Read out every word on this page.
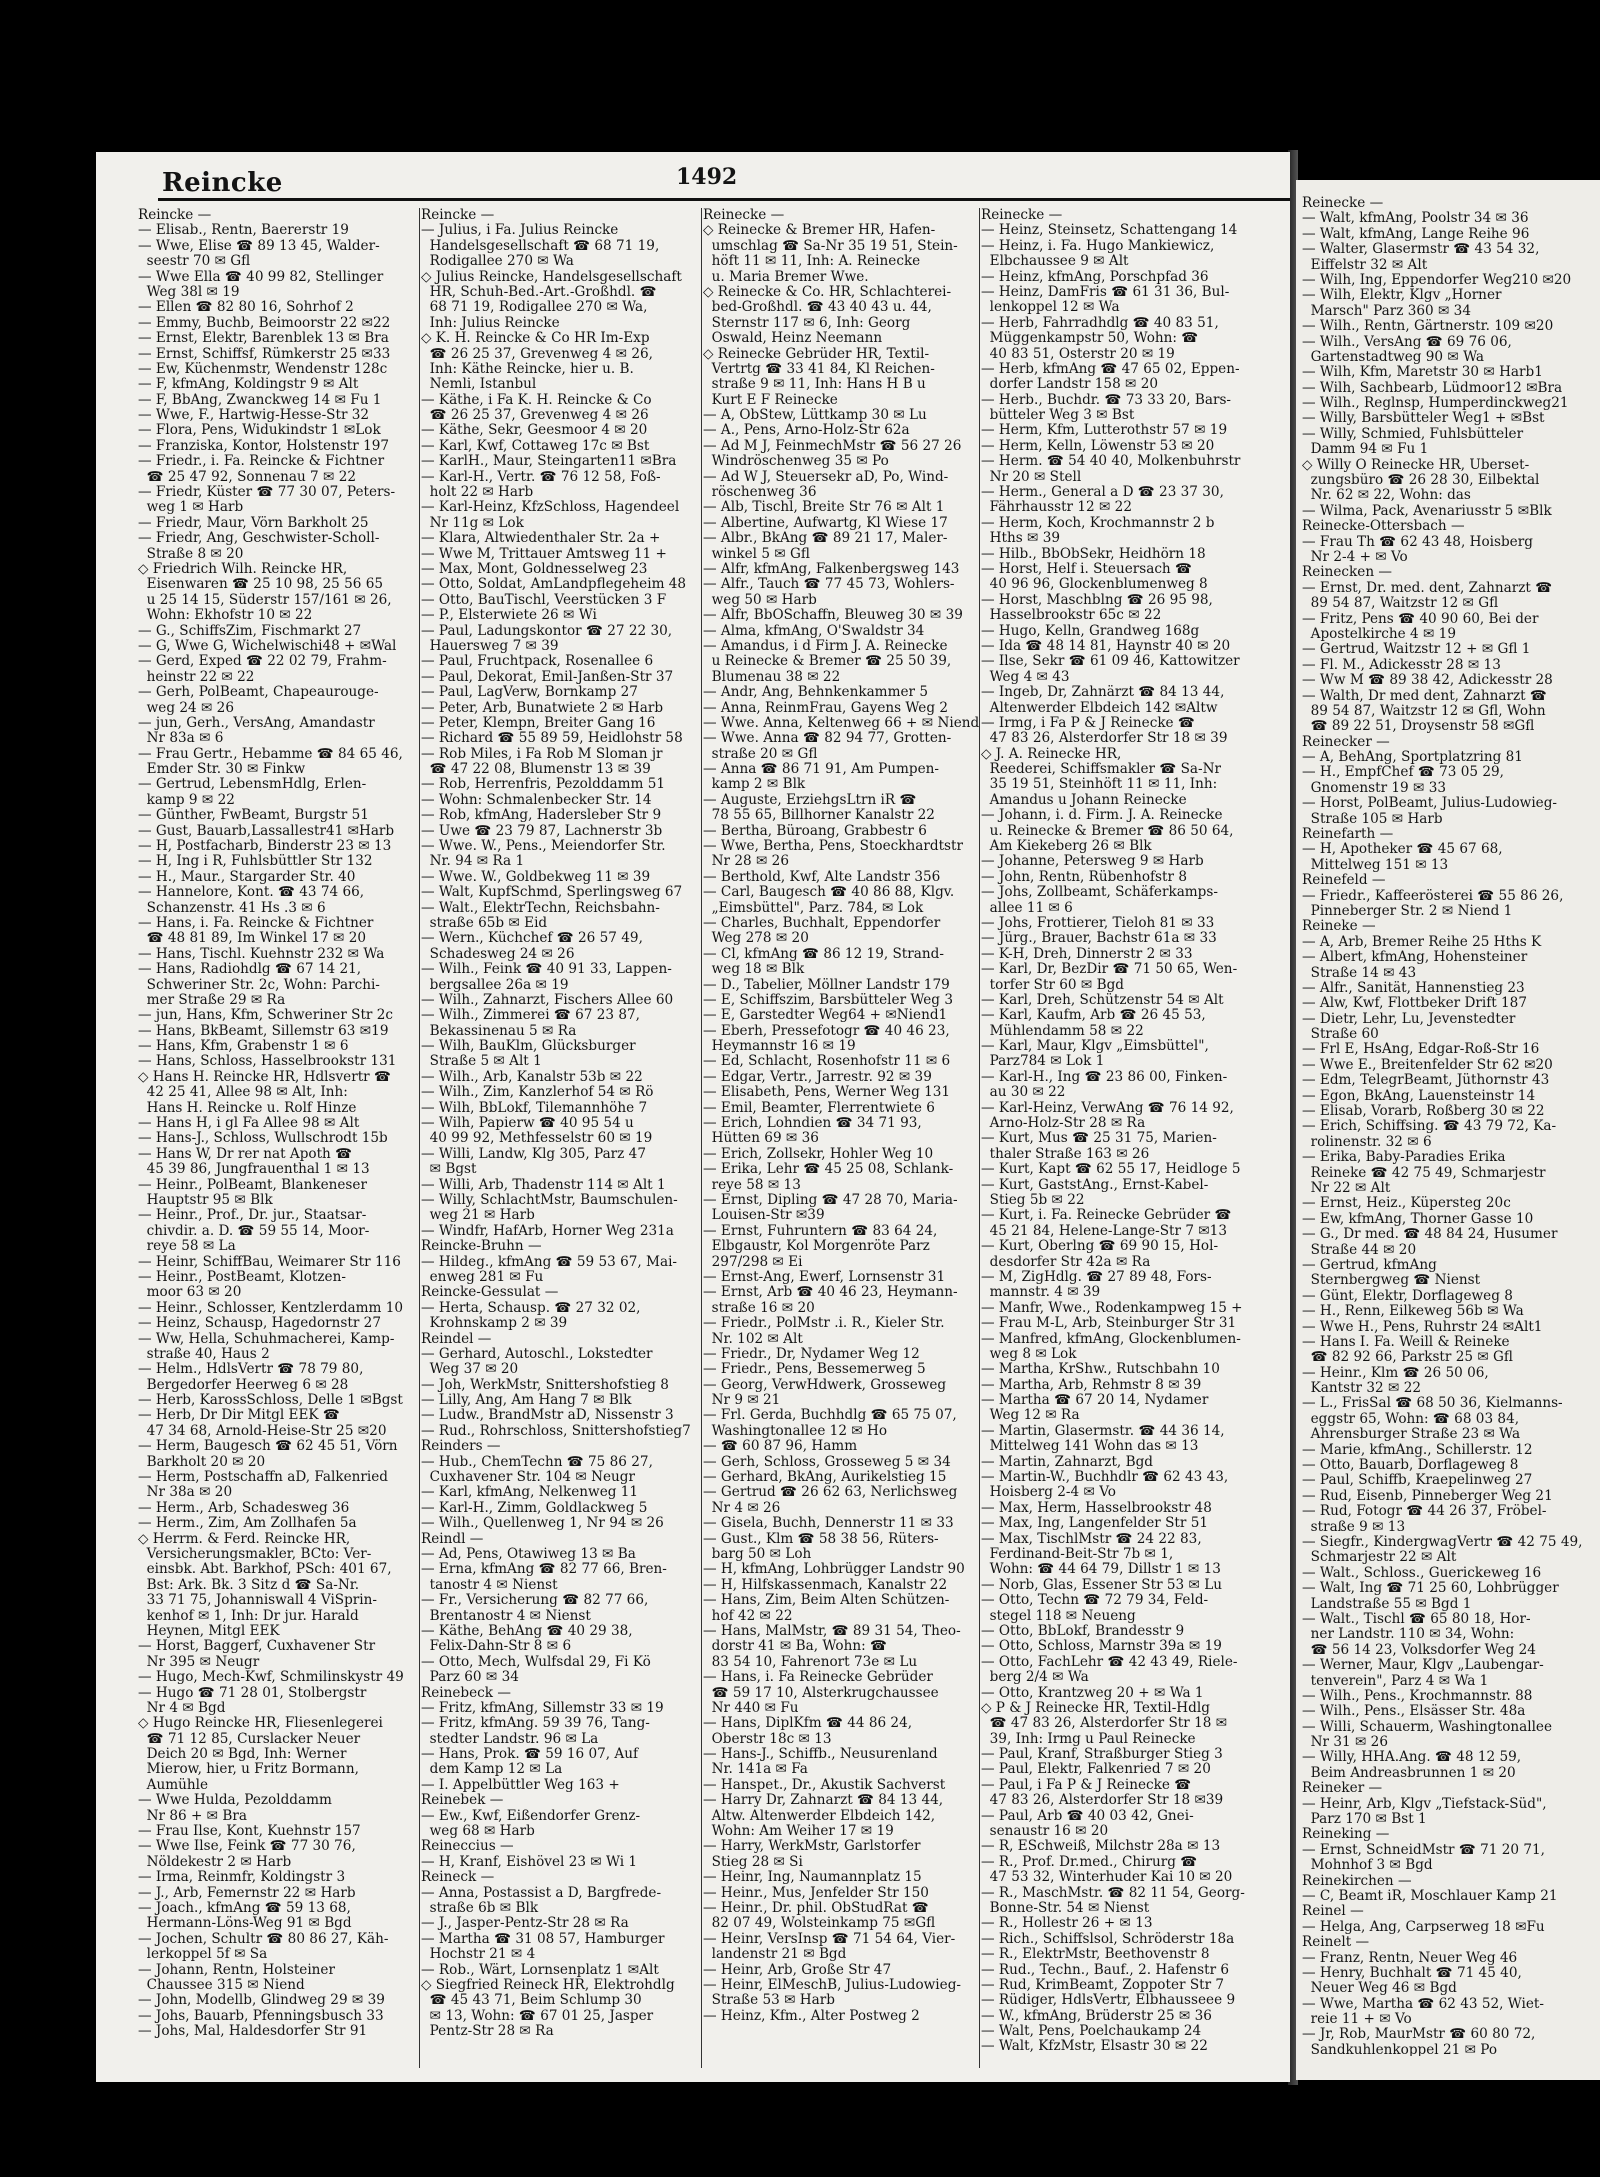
Reincke	1492
Reincke —
— Elisab., Rentn, Baererstr 19
— Wwe, Elise ☎ 89 13 45, Walder-
seestr 70 ✉ Gfl
— Wwe Ella ☎ 40 99 82, Stellinger
Weg 38l ✉ 19
— Ellen ☎ 82 80 16, Sohrhof 2
— Emmy, Buchb, Beimoorstr 22 ✉22
— Ernst, Elektr, Barenblek 13 ✉ Bra
— Ernst, Schiffsf, Rümkerstr 25 ✉33
— Ew, Küchenmstr, Wendenstr 128c
— F, kfmAng, Koldingstr 9 ✉ Alt
— F, BbAng, Zwanckweg 14 ✉ Fu 1
— Wwe, F., Hartwig-Hesse-Str 32
— Flora, Pens, Widukindstr 1 ✉Lok
— Franziska, Kontor, Holstenstr 197
— Friedr., i. Fa. Reincke & Fichtner
☎ 25 47 92, Sonnenau 7 ✉ 22
— Friedr, Küster ☎ 77 30 07, Peters-
weg 1 ✉ Harb
— Friedr, Maur, Vörn Barkholt 25
— Friedr, Ang, Geschwister-Scholl-
Straße 8 ✉ 20
◇ Friedrich Wilh. Reincke HR,
Eisenwaren ☎ 25 10 98, 25 56 65
u 25 14 15, Süderstr 157/161 ✉ 26,
Wohn: Ekhofstr 10 ✉ 22
— G., SchiffsZim, Fischmarkt 27
— G, Wwe G, Wichelwischi48 + ✉Wal
— Gerd, Exped ☎ 22 02 79, Frahm-
heinstr 22 ✉ 22
— Gerh, PolBeamt, Chapeaurouge-
weg 24 ✉ 26
— jun, Gerh., VersAng, Amandastr
Nr 83a ✉ 6
— Frau Gertr., Hebamme ☎ 84 65 46,
Emder Str. 30 ✉ Finkw
— Gertrud, LebensmHdlg, Erlen-
kamp 9 ✉ 22
— Günther, FwBeamt, Burgstr 51
— Gust, Bauarb,Lassallestr41 ✉Harb
— H, Postfacharb, Binderstr 23 ✉ 13
— H, Ing i R, Fuhlsbüttler Str 132
— H., Maur., Stargarder Str. 40
— Hannelore, Kont. ☎ 43 74 66,
Schanzenstr. 41 Hs .3 ✉ 6
— Hans, i. Fa. Reincke & Fichtner
☎ 48 81 89, Im Winkel 17 ✉ 20
— Hans, Tischl. Kuehnstr 232 ✉ Wa
— Hans, Radiohdlg ☎ 67 14 21,
Schweriner Str. 2c, Wohn: Parchi-
mer Straße 29 ✉ Ra
— jun, Hans, Kfm, Schweriner Str 2c
— Hans, BkBeamt, Sillemstr 63 ✉19
— Hans, Kfm, Grabenstr 1 ✉ 6
— Hans, Schloss, Hasselbrookstr 131
◇ Hans H. Reincke HR, Hdlsvertr ☎
42 25 41, Allee 98 ✉ Alt, Inh:
Hans H. Reincke u. Rolf Hinze
— Hans H, i gl Fa Allee 98 ✉ Alt
— Hans-J., Schloss, Wullschrodt 15b
— Hans W, Dr rer nat Apoth ☎
45 39 86, Jungfrauenthal 1 ✉ 13
— Heinr., PolBeamt, Blankeneser
Hauptstr 95 ✉ Blk
— Heinr., Prof., Dr. jur., Staatsar-
chivdir. a. D. ☎ 59 55 14, Moor-
reye 58 ✉ La
— Heinr, SchiffBau, Weimarer Str 116
— Heinr., PostBeamt, Klotzen-
moor 63 ✉ 20
— Heinr., Schlosser, Kentzlerdamm 10
— Heinz, Schausp, Hagedornstr 27
— Ww, Hella, Schuhmacherei, Kamp-
straße 40, Haus 2
— Helm., HdlsVertr ☎ 78 79 80,
Bergedorfer Heerweg 6 ✉ 28
— Herb, KarossSchloss, Delle 1 ✉Bgst
— Herb, Dr Dir Mitgl EEK ☎
47 34 68, Arnold-Heise-Str 25 ✉20
— Herm, Baugesch ☎ 62 45 51, Vörn
Barkholt 20 ✉ 20
— Herm, Postschaffn aD, Falkenried
Nr 38a ✉ 20
— Herm., Arb, Schadesweg 36
— Herm., Zim, Am Zollhafen 5a
◇ Herrm. & Ferd. Reincke HR,
Versicherungsmakler, BCto: Ver-
einsbk. Abt. Barkhof, PSch: 401 67,
Bst: Ark. Bk. 3 Sitz d ☎ Sa-Nr.
33 71 75, Johanniswall 4 ViSprin-
kenhof ✉ 1, Inh: Dr jur. Harald
Heynen, Mitgl EEK
— Horst, Baggerf, Cuxhavener Str
Nr 395 ✉ Neugr
— Hugo, Mech-Kwf, Schmilinskystr 49
— Hugo ☎ 71 28 01, Stolbergstr
Nr 4 ✉ Bgd
◇ Hugo Reincke HR, Fliesenlegerei
☎ 71 12 85, Curslacker Neuer
Deich 20 ✉ Bgd, Inh: Werner
Mierow, hier, u Fritz Bormann,
Aumühle
— Wwe Hulda, Pezolddamm
Nr 86 + ✉ Bra
— Frau Ilse, Kont, Kuehnstr 157
— Wwe Ilse, Feink ☎ 77 30 76,
Nöldekestr 2 ✉ Harb
— Irma, Reinmfr, Koldingstr 3
— J., Arb, Femernstr 22 ✉ Harb
— Joach., kfmAng ☎ 59 13 68,
Hermann-Löns-Weg 91 ✉ Bgd
— Jochen, Schultr ☎ 80 86 27, Käh-
lerkoppel 5f ✉ Sa
— Johann, Rentn, Holsteiner
Chaussee 315 ✉ Niend
— John, Modellb, Glindweg 29 ✉ 39
— Johs, Bauarb, Pfenningsbusch 33
— Johs, Mal, Haldesdorfer Str 91
Reincke —
— Julius, i Fa. Julius Reincke
Handelsgesellschaft ☎ 68 71 19,
Rodigallee 270 ✉ Wa
◇ Julius Reincke, Handelsgesellschaft
HR, Schuh-Bed.-Art.-Großhdl. ☎
68 71 19, Rodigallee 270 ✉ Wa,
Inh: Julius Reincke
◇ K. H. Reincke & Co HR Im-Exp
☎ 26 25 37, Grevenweg 4 ✉ 26,
Inh: Käthe Reincke, hier u. B.
Nemli, Istanbul
— Käthe, i Fa K. H. Reincke & Co
☎ 26 25 37, Grevenweg 4 ✉ 26
— Käthe, Sekr, Geesmoor 4 ✉ 20
— Karl, Kwf, Cottaweg 17c ✉ Bst
— KarlH., Maur, Steingarten11 ✉Bra
— Karl-H., Vertr. ☎ 76 12 58, Foß-
holt 22 ✉ Harb
— Karl-Heinz, KfzSchloss, Hagendeel
Nr 11g ✉ Lok
— Klara, Altwiedenthaler Str. 2a +
— Wwe M, Trittauer Amtsweg 11 +
— Max, Mont, Goldnesselweg 23
— Otto, Soldat, AmLandpflegeheim 48
— Otto, BauTischl, Veerstücken 3 F
— P., Elsterwiete 26 ✉ Wi
— Paul, Ladungskontor ☎ 27 22 30,
Hauersweg 7 ✉ 39
— Paul, Fruchtpack, Rosenallee 6
— Paul, Dekorat, Emil-Janßen-Str 37
— Paul, LagVerw, Bornkamp 27
— Peter, Arb, Bunatwiete 2 ✉ Harb
— Peter, Klempn, Breiter Gang 16
— Richard ☎ 55 89 59, Heidlohstr 58
— Rob Miles, i Fa Rob M Sloman jr
☎ 47 22 08, Blumenstr 13 ✉ 39
— Rob, Herrenfris, Pezolddamm 51
— Wohn: Schmalenbecker Str. 14
— Rob, kfmAng, Hadersleber Str 9
— Uwe ☎ 23 79 87, Lachnerstr 3b
— Wwe. W., Pens., Meiendorfer Str.
Nr. 94 ✉ Ra 1
— Wwe. W., Goldbekweg 11 ✉ 39
— Walt, KupfSchmd, Sperlingsweg 67
— Walt., ElektrTechn, Reichsbahn-
straße 65b ✉ Eid
— Wern., Küchchef ☎ 26 57 49,
Schadesweg 24 ✉ 26
— Wilh., Feink ☎ 40 91 33, Lappen-
bergsallee 26a ✉ 19
— Wilh., Zahnarzt, Fischers Allee 60
— Wilh., Zimmerei ☎ 67 23 87,
Bekassinenau 5 ✉ Ra
— Wilh, BauKlm, Glücksburger
Straße 5 ✉ Alt 1
— Wilh., Arb, Kanalstr 53b ✉ 22
— Wilh., Zim, Kanzlerhof 54 ✉ Rö
— Wilh, BbLokf, Tilemannhöhe 7
— Wilh, Papierw ☎ 40 95 54 u
40 99 92, Methfesselstr 60 ✉ 19
— Willi, Landw, Klg 305, Parz 47
✉ Bgst
— Willi, Arb, Thadenstr 114 ✉ Alt 1
— Willy, SchlachtMstr, Baumschulen-
weg 21 ✉ Harb
— Windfr, HafArb, Horner Weg 231a
Reincke-Bruhn —
— Hildeg., kfmAng ☎ 59 53 67, Mai-
enweg 281 ✉ Fu
Reincke-Gessulat —
— Herta, Schausp. ☎ 27 32 02,
Krohnskamp 2 ✉ 39
Reindel —
— Gerhard, Autoschl., Lokstedter
Weg 37 ✉ 20
— Joh, WerkMstr, Snittershofstieg 8
— Lilly, Ang, Am Hang 7 ✉ Blk
— Ludw., BrandMstr aD, Nissenstr 3
— Rud., Rohrschloss, Snittershofstieg7
Reinders —
— Hub., ChemTechn ☎ 75 86 27,
Cuxhavener Str. 104 ✉ Neugr
— Karl, kfmAng, Nelkenweg 11
— Karl-H., Zimm, Goldlackweg 5
— Wilh., Quellenweg 1, Nr 94 ✉ 26
Reindl —
— Ad, Pens, Otawiweg 13 ✉ Ba
— Erna, kfmAng ☎ 82 77 66, Bren-
tanostr 4 ✉ Nienst
— Fr., Versicherung ☎ 82 77 66,
Brentanostr 4 ✉ Nienst
— Käthe, BehAng ☎ 40 29 38,
Felix-Dahn-Str 8 ✉ 6
— Otto, Mech, Wulfsdal 29, Fi Kö
Parz 60 ✉ 34
Reinebeck —
— Fritz, kfmAng, Sillemstr 33 ✉ 19
— Fritz, kfmAng. 59 39 76, Tang-
stedter Landstr. 96 ✉ La
— Hans, Prok. ☎ 59 16 07, Auf
dem Kamp 12 ✉ La
— I. Appelbüttler Weg 163 +
Reinebek —
— Ew., Kwf, Eißendorfer Grenz-
weg 68 ✉ Harb
Reineccius —
— H, Kranf, Eishövel 23 ✉ Wi 1
Reineck —
— Anna, Postassist a D, Bargfrede-
straße 6b ✉ Blk
— J., Jasper-Pentz-Str 28 ✉ Ra
— Martha ☎ 31 08 57, Hamburger
Hochstr 21 ✉ 4
— Rob., Wärt, Lornsenplatz 1 ✉Alt
◇ Siegfried Reineck HR, Elektrohdlg
☎ 45 43 71, Beim Schlump 30
✉ 13, Wohn: ☎ 67 01 25, Jasper
Pentz-Str 28 ✉ Ra
Reinecke —
◇ Reinecke & Bremer HR, Hafen-
umschlag ☎ Sa-Nr 35 19 51, Stein-
höft 11 ✉ 11, Inh: A. Reinecke
u. Maria Bremer Wwe.
◇ Reinecke & Co. HR, Schlachterei-
bed-Großhdl. ☎ 43 40 43 u. 44,
Sternstr 117 ✉ 6, Inh: Georg
Oswald, Heinz Neemann
◇ Reinecke Gebrüder HR, Textil-
Vertrtg ☎ 33 41 84, Kl Reichen-
straße 9 ✉ 11, Inh: Hans H B u
Kurt E F Reinecke
— A, ObStew, Lüttkamp 30 ✉ Lu
— A., Pens, Arno-Holz-Str 62a
— Ad M J, FeinmechMstr ☎ 56 27 26
Windröschenweg 35 ✉ Po
— Ad W J, Steuersekr aD, Po, Wind-
röschenweg 36
— Alb, Tischl, Breite Str 76 ✉ Alt 1
— Albertine, Aufwartg, Kl Wiese 17
— Albr., BkAng ☎ 89 21 17, Maler-
winkel 5 ✉ Gfl
— Alfr, kfmAng, Falkenbergsweg 143
— Alfr., Tauch ☎ 77 45 73, Wohlers-
weg 50 ✉ Harb
— Alfr, BbOSchaffn, Bleuweg 30 ✉ 39
— Alma, kfmAng, O'Swaldstr 34
— Amandus, i d Firm J. A. Reinecke
u Reinecke & Bremer ☎ 25 50 39,
Blumenau 38 ✉ 22
— Andr, Ang, Behnkenkammer 5
— Anna, ReinmFrau, Gayens Weg 2
— Wwe. Anna, Keltenweg 66 + ✉ Niend
— Wwe. Anna ☎ 82 94 77, Grotten-
straße 20 ✉ Gfl
— Anna ☎ 86 71 91, Am Pumpen-
kamp 2 ✉ Blk
— Auguste, ErziehgsLtrn iR ☎
78 55 65, Billhorner Kanalstr 22
— Bertha, Büroang, Grabbestr 6
— Wwe, Bertha, Pens, Stoeckhardtstr
Nr 28 ✉ 26
— Berthold, Kwf, Alte Landstr 356
— Carl, Baugesch ☎ 40 86 88, Klgv.
„Eimsbüttel", Parz. 784, ✉ Lok
— Charles, Buchhalt, Eppendorfer
Weg 278 ✉ 20
— Cl, kfmAng ☎ 86 12 19, Strand-
weg 18 ✉ Blk
— D., Tabelier, Möllner Landstr 179
— E, Schiffszim, Barsbütteler Weg 3
— E, Garstedter Weg64 + ✉Niend1
— Eberh, Pressefotogr ☎ 40 46 23,
Heymannstr 16 ✉ 19
— Ed, Schlacht, Rosenhofstr 11 ✉ 6
— Edgar, Vertr., Jarrestr. 92 ✉ 39
— Elisabeth, Pens, Werner Weg 131
— Emil, Beamter, Flerrentwiete 6
— Erich, Lohndien ☎ 34 71 93,
Hütten 69 ✉ 36
— Erich, Zollsekr, Hohler Weg 10
— Erika, Lehr ☎ 45 25 08, Schlank-
reye 58 ✉ 13
— Ernst, Dipling ☎ 47 28 70, Maria-
Louisen-Str ✉39
— Ernst, Fuhruntern ☎ 83 64 24,
Elbgaustr, Kol Morgenröte Parz
297/298 ✉ Ei
— Ernst-Ang, Ewerf, Lornsenstr 31
— Ernst, Arb ☎ 40 46 23, Heymann-
straße 16 ✉ 20
— Friedr., PolMstr .i. R., Kieler Str.
Nr. 102 ✉ Alt
— Friedr., Dr, Nydamer Weg 12
— Friedr., Pens, Bessemerweg 5
— Georg, VerwHdwerk, Grosseweg
Nr 9 ✉ 21
— Frl. Gerda, Buchhdlg ☎ 65 75 07,
Washingtonallee 12 ✉ Ho
— ☎ 60 87 96, Hamm
— Gerh, Schloss, Grosseweg 5 ✉ 34
— Gerhard, BkAng, Aurikelstieg 15
— Gertrud ☎ 26 62 63, Nerlichsweg
Nr 4 ✉ 26
— Gisela, Buchh, Dennerstr 11 ✉ 33
— Gust., Klm ☎ 58 38 56, Rüters-
barg 50 ✉ Loh
— H, kfmAng, Lohbrügger Landstr 90
— H, Hilfskassenmach, Kanalstr 22
— Hans, Zim, Beim Alten Schützen-
hof 42 ✉ 22
— Hans, MalMstr, ☎ 89 31 54, Theo-
dorstr 41 ✉ Ba, Wohn: ☎
83 54 10, Fahrenort 73e ✉ Lu
— Hans, i. Fa Reinecke Gebrüder
☎ 59 17 10, Alsterkrugchaussee
Nr 440 ✉ Fu
— Hans, DiplKfm ☎ 44 86 24,
Oberstr 18c ✉ 13
— Hans-J., Schiffb., Neusurenland
Nr. 141a ✉ Fa
— Hanspet., Dr., Akustik Sachverst
— Harry Dr, Zahnarzt ☎ 84 13 44,
Altw. Altenwerder Elbdeich 142,
Wohn: Am Weiher 17 ✉ 19
— Harry, WerkMstr, Garlstorfer
Stieg 28 ✉ Si
— Heinr, Ing, Naumannplatz 15
— Heinr., Mus, Jenfelder Str 150
— Heinr., Dr. phil. ObStudRat ☎
82 07 49, Wolsteinkamp 75 ✉Gfl
— Heinr, VersInsp ☎ 71 54 64, Vier-
landenstr 21 ✉ Bgd
— Heinr, Arb, Große Str 47
— Heinr, ElMeschB, Julius-Ludowieg-
Straße 53 ✉ Harb
— Heinz, Kfm., Alter Postweg 2
Reinecke —
— Heinz, Steinsetz, Schattengang 14
— Heinz, i. Fa. Hugo Mankiewicz,
Elbchaussee 9 ✉ Alt
— Heinz, kfmAng, Porschpfad 36
— Heinz, DamFris ☎ 61 31 36, Bul-
lenkoppel 12 ✉ Wa
— Herb, Fahrradhdlg ☎ 40 83 51,
Müggenkampstr 50, Wohn: ☎
40 83 51, Osterstr 20 ✉ 19
— Herb, kfmAng ☎ 47 65 02, Eppen-
dorfer Landstr 158 ✉ 20
— Herb., Buchdr. ☎ 73 33 20, Bars-
bütteler Weg 3 ✉ Bst
— Herm, Kfm, Lutterothstr 57 ✉ 19
— Herm, Kelln, Löwenstr 53 ✉ 20
— Herm. ☎ 54 40 40, Molkenbuhrstr
Nr 20 ✉ Stell
— Herm., General a D ☎ 23 37 30,
Fährhausstr 12 ✉ 22
— Herm, Koch, Krochmannstr 2 b
Hths ✉ 39
— Hilb., BbObSekr, Heidhörn 18
— Horst, Helf i. Steuersach ☎
40 96 96, Glockenblumenweg 8
— Horst, Maschblng ☎ 26 95 98,
Hasselbrookstr 65c ✉ 22
— Hugo, Kelln, Grandweg 168g
— Ida ☎ 48 14 81, Haynstr 40 ✉ 20
— Ilse, Sekr ☎ 61 09 46, Kattowitzer
Weg 4 ✉ 43
— Ingeb, Dr, Zahnärzt ☎ 84 13 44,
Altenwerder Elbdeich 142 ✉Altw
— Irmg, i Fa P & J Reinecke ☎
47 83 26, Alsterdorfer Str 18 ✉ 39
◇ J. A. Reinecke HR,
Reederei, Schiffsmakler ☎ Sa-Nr
35 19 51, Steinhöft 11 ✉ 11, Inh:
Amandus u Johann Reinecke
— Johann, i. d. Firm. J. A. Reinecke
u. Reinecke & Bremer ☎ 86 50 64,
Am Kiekeberg 26 ✉ Blk
— Johanne, Petersweg 9 ✉ Harb
— John, Rentn, Rübenhofstr 8
— Johs, Zollbeamt, Schäferkamps-
allee 11 ✉ 6
— Johs, Frottierer, Tieloh 81 ✉ 33
— Jürg., Brauer, Bachstr 61a ✉ 33
— K-H, Dreh, Dinnerstr 2 ✉ 33
— Karl, Dr, BezDir ☎ 71 50 65, Wen-
torfer Str 60 ✉ Bgd
— Karl, Dreh, Schützenstr 54 ✉ Alt
— Karl, Kaufm, Arb ☎ 26 45 53,
Mühlendamm 58 ✉ 22
— Karl, Maur, Klgv „Eimsbüttel",
Parz784 ✉ Lok 1
— Karl-H., Ing ☎ 23 86 00, Finken-
au 30 ✉ 22
— Karl-Heinz, VerwAng ☎ 76 14 92,
Arno-Holz-Str 28 ✉ Ra
— Kurt, Mus ☎ 25 31 75, Marien-
thaler Straße 163 ✉ 26
— Kurt, Kapt ☎ 62 55 17, Heidloge 5
— Kurt, GaststAng., Ernst-Kabel-
Stieg 5b ✉ 22
— Kurt, i. Fa. Reinecke Gebrüder ☎
45 21 84, Helene-Lange-Str 7 ✉13
— Kurt, Oberlng ☎ 69 90 15, Hol-
desdorfer Str 42a ✉ Ra
— M, ZigHdlg. ☎ 27 89 48, Fors-
mannstr. 4 ✉ 39
— Manfr, Wwe., Rodenkampweg 15 +
— Frau M-L, Arb, Steinburger Str 31
— Manfred, kfmAng, Glockenblumen-
weg 8 ✉ Lok
— Martha, KrShw., Rutschbahn 10
— Martha, Arb, Rehmstr 8 ✉ 39
— Martha ☎ 67 20 14, Nydamer
Weg 12 ✉ Ra
— Martin, Glasermstr. ☎ 44 36 14,
Mittelweg 141 Wohn das ✉ 13
— Martin, Zahnarzt, Bgd
— Martin-W., Buchhdlr ☎ 62 43 43,
Hoisberg 2-4 ✉ Vo
— Max, Herm, Hasselbrookstr 48
— Max, Ing, Langenfelder Str 51
— Max, TischlMstr ☎ 24 22 83,
Ferdinand-Beit-Str 7b ✉ 1,
Wohn: ☎ 44 64 79, Dillstr 1 ✉ 13
— Norb, Glas, Essener Str 53 ✉ Lu
— Otto, Techn ☎ 72 79 34, Feld-
stegel 118 ✉ Neueng
— Otto, BbLokf, Brandesstr 9
— Otto, Schloss, Marnstr 39a ✉ 19
— Otto, FachLehr ☎ 42 43 49, Riele-
berg 2/4 ✉ Wa
— Otto, Krantzweg 20 + ✉ Wa 1
◇ P & J Reinecke HR, Textil-Hdlg
☎ 47 83 26, Alsterdorfer Str 18 ✉
39, Inh: Irmg u Paul Reinecke
— Paul, Kranf, Straßburger Stieg 3
— Paul, Elektr, Falkenried 7 ✉ 20
— Paul, i Fa P & J Reinecke ☎
47 83 26, Alsterdorfer Str 18 ✉39
— Paul, Arb ☎ 40 03 42, Gnei-
senaustr 16 ✉ 20
— R, ESchweiß, Milchstr 28a ✉ 13
— R., Prof. Dr.med., Chirurg ☎
47 53 32, Winterhuder Kai 10 ✉ 20
— R., MaschMstr. ☎ 82 11 54, Georg-
Bonne-Str. 54 ✉ Nienst
— R., Hollestr 26 + ✉ 13
— Rich., Schiffslsol, Schröderstr 18a
— R., ElektrMstr, Beethovenstr 8
— Rud., Techn., Bauf., 2. Hafenstr 6
— Rud, KrimBeamt, Zoppoter Str 7
— Rüdiger, HdlsVertr, Elbhausseee 9
— W., kfmAng, Brüderstr 25 ✉ 36
— Walt, Pens, Poelchaukamp 24
— Walt, KfzMstr, Elsastr 30 ✉ 22
Reinecke —
— Walt, kfmAng, Poolstr 34 ✉ 36
— Walt, kfmAng, Lange Reihe 96
— Walter, Glasermstr ☎ 43 54 32,
Eiffelstr 32 ✉ Alt
— Wilh, Ing, Eppendorfer Weg210 ✉20
— Wilh, Elektr, Klgv „Horner
Marsch" Parz 360 ✉ 34
— Wilh., Rentn, Gärtnerstr. 109 ✉20
— Wilh., VersAng ☎ 69 76 06,
Gartenstadtweg 90 ✉ Wa
— Wilh, Kfm, Maretstr 30 ✉ Harb1
— Wilh, Sachbearb, Lüdmoor12 ✉Bra
— Wilh., Reglnsp, Humperdinckweg21
— Willy, Barsbütteler Weg1 + ✉Bst
— Willy, Schmied, Fuhlsbütteler
Damm 94 ✉ Fu 1
◇ Willy O Reinecke HR, Überset-
zungsbüro ☎ 26 28 30, Eilbektal
Nr. 62 ✉ 22, Wohn: das
— Wilma, Pack, Avenariusstr 5 ✉Blk
Reinecke-Ottersbach —
— Frau Th ☎ 62 43 48, Hoisberg
Nr 2-4 + ✉ Vo
Reinecken —
— Ernst, Dr. med. dent, Zahnarzt ☎
89 54 87, Waitzstr 12 ✉ Gfl
— Fritz, Pens ☎ 40 90 60, Bei der
Apostelkirche 4 ✉ 19
— Gertrud, Waitzstr 12 + ✉ Gfl 1
— Fl. M., Adickesstr 28 ✉ 13
— Ww M ☎ 89 38 42, Adickesstr 28
— Walth, Dr med dent, Zahnarzt ☎
89 54 87, Waitzstr 12 ✉ Gfl, Wohn
☎ 89 22 51, Droysenstr 58 ✉Gfl
Reinecker —
— A, BehAng, Sportplatzring 81
— H., EmpfChef ☎ 73 05 29,
Gnomenstr 19 ✉ 33
— Horst, PolBeamt, Julius-Ludowieg-
Straße 105 ✉ Harb
Reinefarth —
— H, Apotheker ☎ 45 67 68,
Mittelweg 151 ✉ 13
Reinefeld —
— Friedr., Kaffeerösterei ☎ 55 86 26,
Pinneberger Str. 2 ✉ Niend 1
Reineke —
— A, Arb, Bremer Reihe 25 Hths K
— Albert, kfmAng, Hohensteiner
Straße 14 ✉ 43
— Alfr., Sanität, Hannenstieg 23
— Alw, Kwf, Flottbeker Drift 187
— Dietr, Lehr, Lu, Jevenstedter
Straße 60
— Frl E, HsAng, Edgar-Roß-Str 16
— Wwe E., Breitenfelder Str 62 ✉20
— Edm, TelegrBeamt, Jüthornstr 43
— Egon, BkAng, Lauensteinstr 14
— Elisab, Vorarb, Roßberg 30 ✉ 22
— Erich, Schiffsing. ☎ 43 79 72, Ka-
rolinenstr. 32 ✉ 6
— Erika, Baby-Paradies Erika
Reineke ☎ 42 75 49, Schmarjestr
Nr 22 ✉ Alt
— Ernst, Heiz., Küpersteg 20c
— Ew, kfmAng, Thorner Gasse 10
— G., Dr med. ☎ 48 84 24, Husumer
Straße 44 ✉ 20
— Gertrud, kfmAng
Sternbergweg ☎ Nienst
— Günt, Elektr, Dorflageweg 8
— H., Renn, Eilkeweg 56b ✉ Wa
— Wwe H., Pens, Ruhrstr 24 ✉Alt1
— Hans I. Fa. Weill & Reineke
☎ 82 92 66, Parkstr 25 ✉ Gfl
— Heinr., Klm ☎ 26 50 06,
Kantstr 32 ✉ 22
— L., FrisSal ☎ 68 50 36, Kielmanns-
eggstr 65, Wohn: ☎ 68 03 84,
Ahrensburger Straße 23 ✉ Wa
— Marie, kfmAng., Schillerstr. 12
— Otto, Bauarb, Dorflageweg 8
— Paul, Schiffb, Kraepelinweg 27
— Rud, Eisenb, Pinneberger Weg 21
— Rud, Fotogr ☎ 44 26 37, Fröbel-
straße 9 ✉ 13
— Siegfr., KindergwagVertr ☎ 42 75 49,
Schmarjestr 22 ✉ Alt
— Walt., Schloss., Guerickeweg 16
— Walt, Ing ☎ 71 25 60, Lohbrügger
Landstraße 55 ✉ Bgd 1
— Walt., Tischl ☎ 65 80 18, Hor-
ner Landstr. 110 ✉ 34, Wohn:
☎ 56 14 23, Volksdorfer Weg 24
— Werner, Maur, Klgv „Laubengar-
tenverein", Parz 4 ✉ Wa 1
— Wilh., Pens., Krochmannstr. 88
— Wilh., Pens., Elsässer Str. 48a
— Willi, Schauerm, Washingtonallee
Nr 31 ✉ 26
— Willy, HHA.Ang. ☎ 48 12 59,
Beim Andreasbrunnen 1 ✉ 20
Reineker —
— Heinr, Arb, Klgv „Tiefstack-Süd",
Parz 170 ✉ Bst 1
Reineking —
— Ernst, SchneidMstr ☎ 71 20 71,
Mohnhof 3 ✉ Bgd
Reinekirchen —
— C, Beamt iR, Moschlauer Kamp 21
Reinel —
— Helga, Ang, Carpserweg 18 ✉Fu
Reinelt —
— Franz, Rentn, Neuer Weg 46
— Henry, Buchhalt ☎ 71 45 40,
Neuer Weg 46 ✉ Bgd
— Wwe, Martha ☎ 62 43 52, Wiet-
reie 11 + ✉ Vo
— Jr, Rob, MaurMstr ☎ 60 80 72,
Sandkuhlenkoppel 21 ✉ Po
